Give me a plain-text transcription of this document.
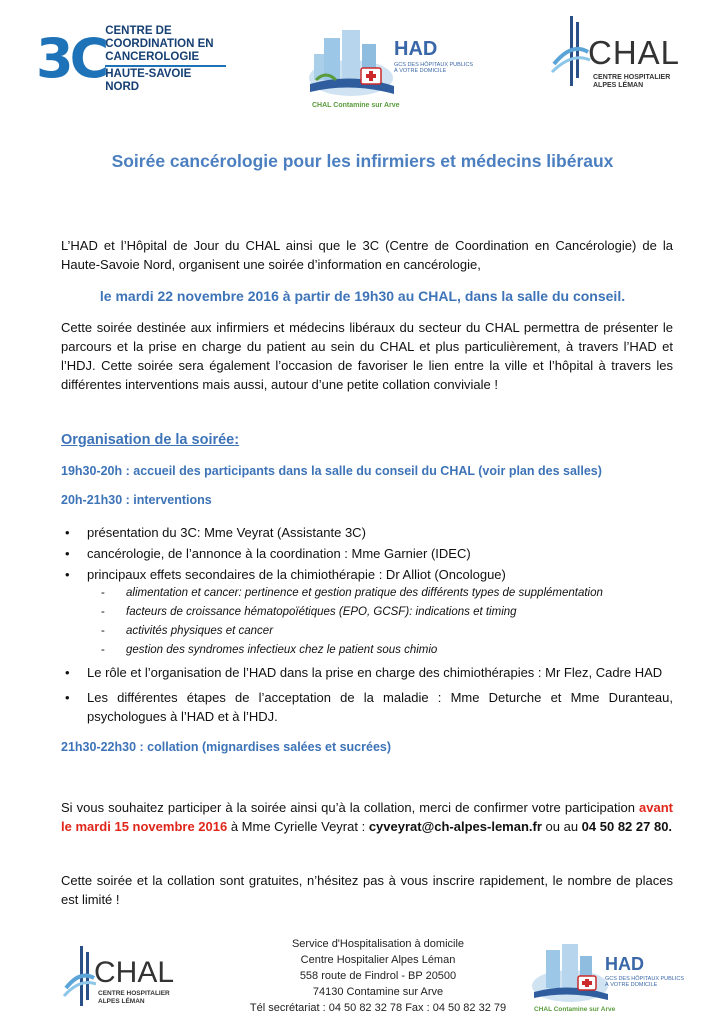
3C CENTRE DE
COORDINATION EN
CANCEROLOGIE
HAUTE-SAVOIE NORD
HAD
GCS DES HÔPITAUX PUBLICS À VOTRE DOMICILE
CHAL Contamine sur Arve
CHAL
CENTRE HOSPITALIER
ALPES LÉMAN
Soirée cancérologie pour les infirmiers et médecins libéraux
L’HAD et l’Hôpital de Jour du CHAL ainsi que le 3C (Centre de Coordination en Cancérologie) de la Haute-Savoie Nord, organisent une soirée d’information en cancérologie,
le mardi 22 novembre 2016 à partir de 19h30 au CHAL, dans la salle du conseil.
Cette soirée destinée aux infirmiers et médecins libéraux du secteur du CHAL permettra de présenter le parcours et la prise en charge du patient au sein du CHAL et plus particulièrement, à travers l’HAD et l’HDJ. Cette soirée sera également l’occasion de favoriser le lien entre la ville et l’hôpital à travers les différentes interventions mais aussi, autour d’une petite collation conviviale !
Organisation de la soirée:
19h30-20h : accueil des participants dans la salle du conseil du CHAL (voir plan des salles)
20h-21h30 : interventions
• présentation du 3C: Mme Veyrat (Assistante 3C)
• cancérologie, de l’annonce à la coordination : Mme Garnier (IDEC)
• principaux effets secondaires de la chimiothérapie : Dr Alliot (Oncologue)
- alimentation et cancer: pertinence et gestion pratique des différents types de supplémentation
- facteurs de croissance hématopoïétiques (EPO, GCSF): indications et timing
- activités physiques et cancer
- gestion des syndromes infectieux chez le patient sous chimio
• Le rôle et l’organisation de l’HAD dans la prise en charge des chimiothérapies : Mr Flez, Cadre HAD
• Les différentes étapes de l’acceptation de la maladie : Mme Deturche et Mme Duranteau, psychologues à l’HAD et à l’HDJ.
21h30-22h30 : collation (mignardises salées et sucrées)
Si vous souhaitez participer à la soirée ainsi qu’à la collation, merci de confirmer votre participation avant le mardi 15 novembre 2016 à Mme Cyrielle Veyrat : cyveyrat@ch-alpes-leman.fr ou au 04 50 82 27 80.
Cette soirée et la collation sont gratuites, n’hésitez pas à vous inscrire rapidement, le nombre de places est limité !
CHAL
CENTRE HOSPITALIER
ALPES LÉMAN
Service d'Hospitalisation à domicile
Centre Hospitalier Alpes Léman
558 route de Findrol - BP 20500
74130 Contamine sur Arve
Tél secrétariat : 04 50 82 32 78 Fax : 04 50 82 32 79
HAD
GCS DES HÔPITAUX PUBLICS À VOTRE DOMICILE
CHAL Contamine sur Arve
